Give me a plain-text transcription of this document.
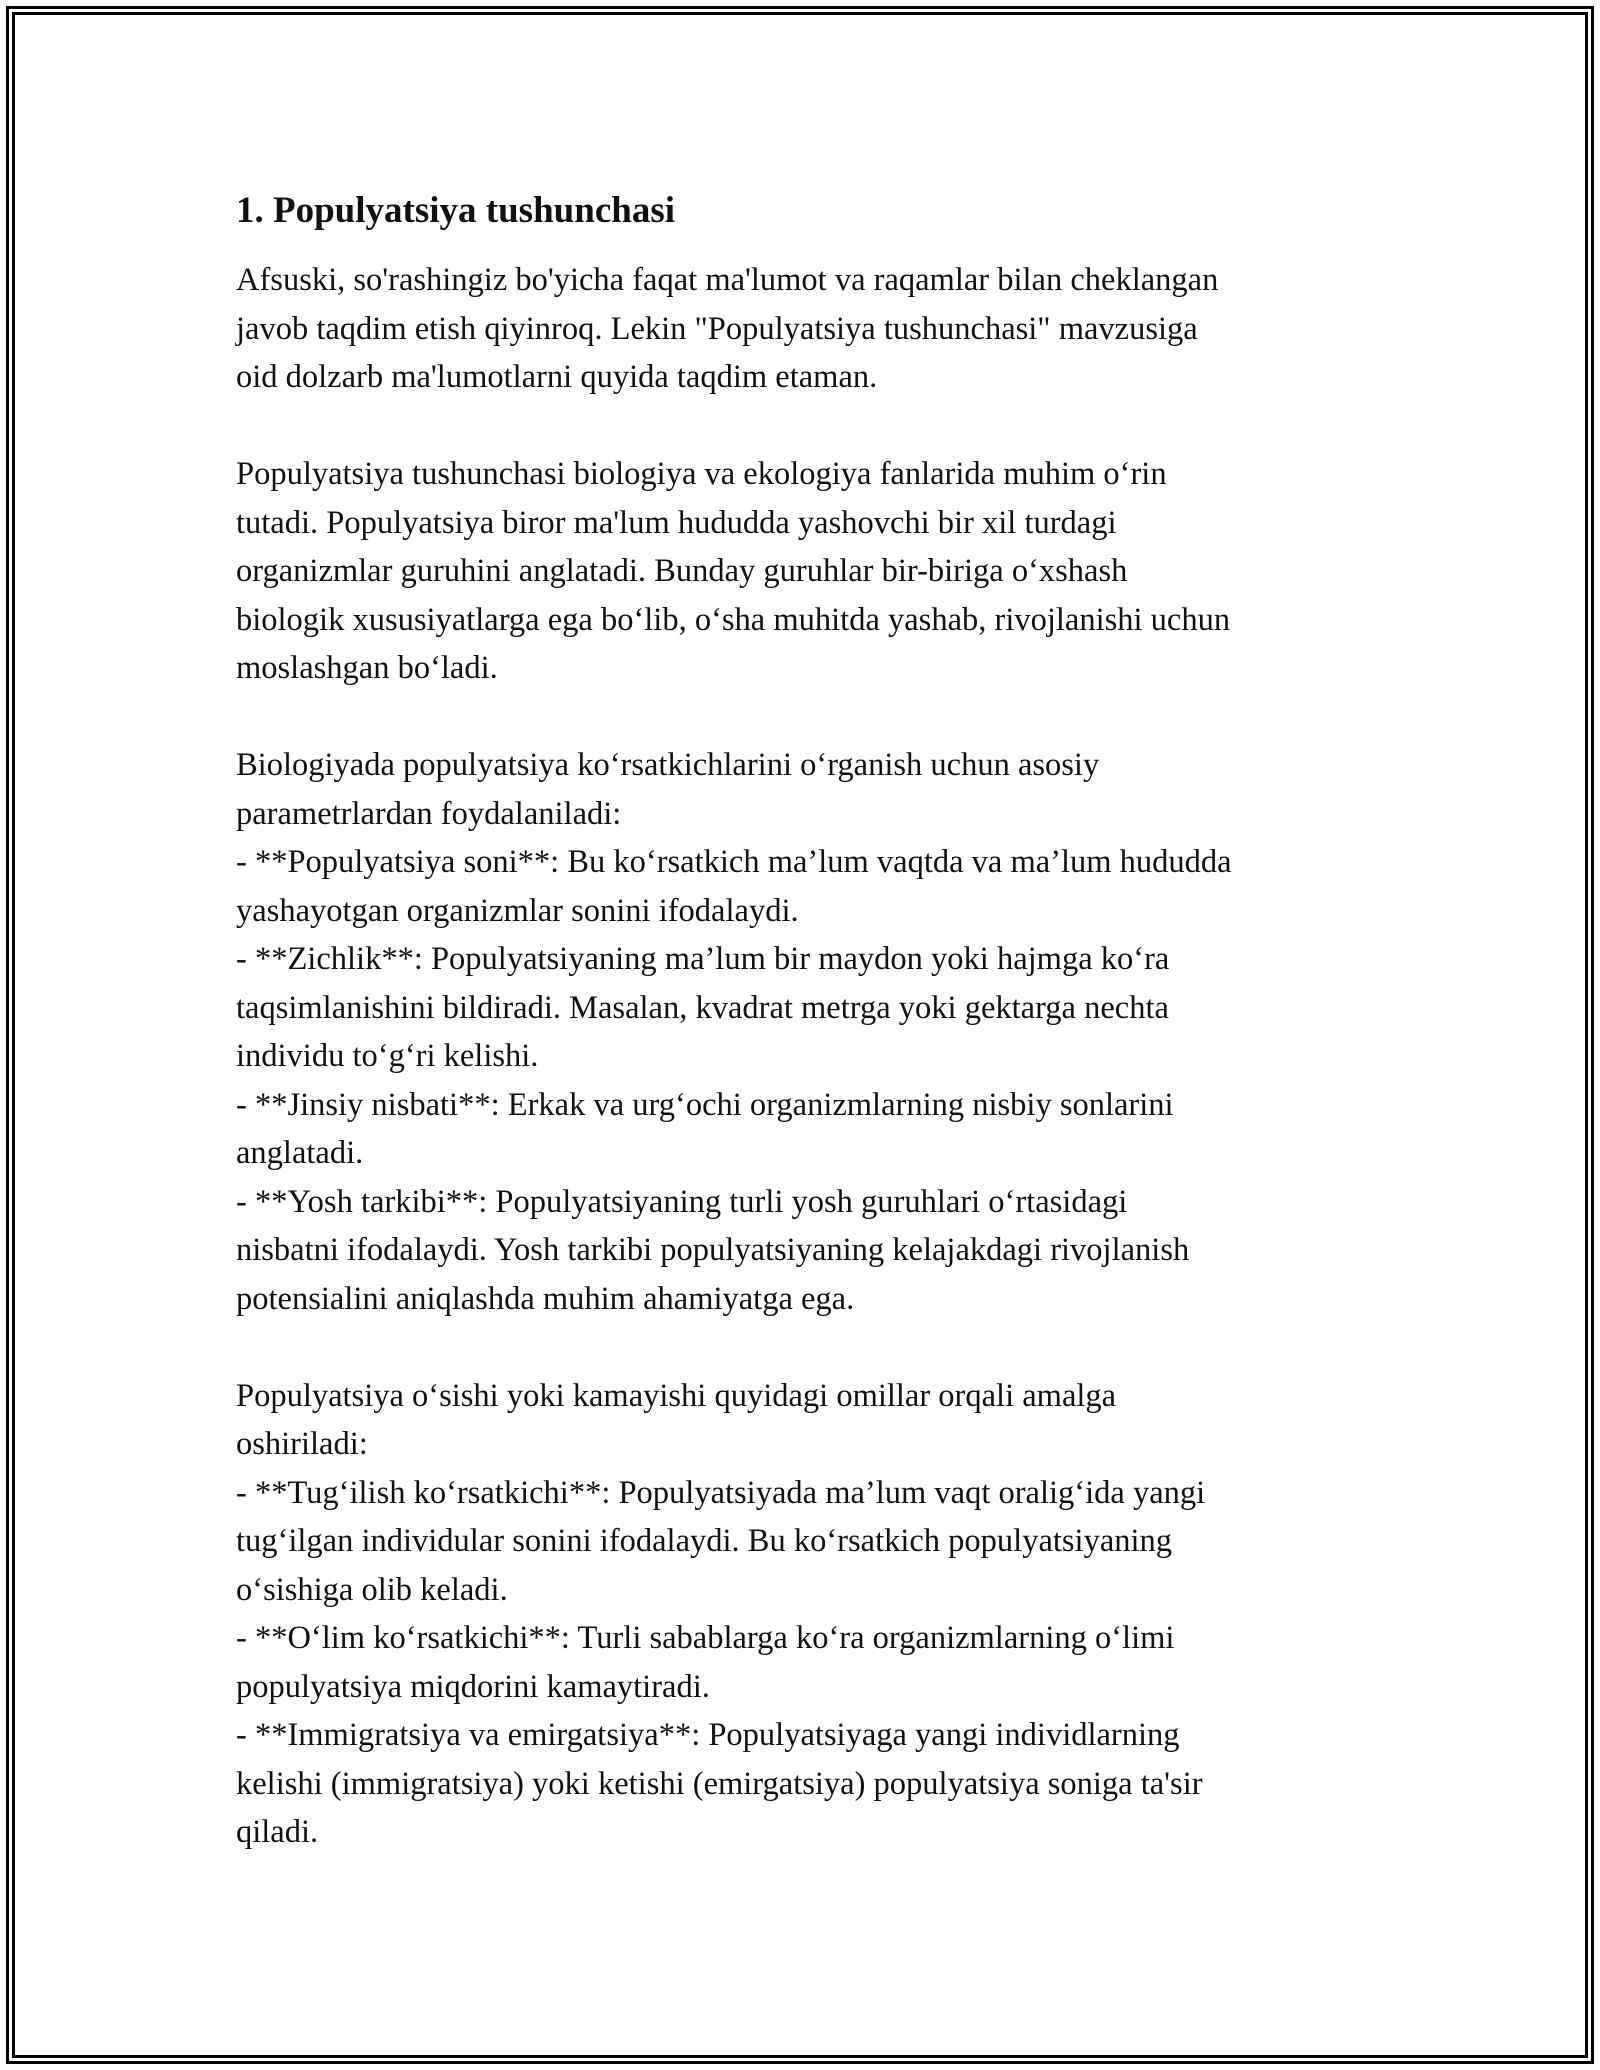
1. Populyatsiya tushunchasi
Afsuski, so'rashingiz bo'yicha faqat ma'lumot va raqamlar bilan cheklangan
javob taqdim etish qiyinroq. Lekin "Populyatsiya tushunchasi" mavzusiga
oid dolzarb ma'lumotlarni quyida taqdim etaman.
Populyatsiya tushunchasi biologiya va ekologiya fanlarida muhim o‘rin
tutadi. Populyatsiya biror ma'lum hududda yashovchi bir xil turdagi
organizmlar guruhini anglatadi. Bunday guruhlar bir-biriga o‘xshash
biologik xususiyatlarga ega bo‘lib, o‘sha muhitda yashab, rivojlanishi uchun
moslashgan bo‘ladi.
Biologiyada populyatsiya ko‘rsatkichlarini o‘rganish uchun asosiy
parametrlardan foydalaniladi:
- **Populyatsiya soni**: Bu ko‘rsatkich ma’lum vaqtda va ma’lum hududda
yashayotgan organizmlar sonini ifodalaydi.
- **Zichlik**: Populyatsiyaning ma’lum bir maydon yoki hajmga ko‘ra
taqsimlanishini bildiradi. Masalan, kvadrat metrga yoki gektarga nechta
individu to‘g‘ri kelishi.
- **Jinsiy nisbati**: Erkak va urg‘ochi organizmlarning nisbiy sonlarini
anglatadi.
- **Yosh tarkibi**: Populyatsiyaning turli yosh guruhlari o‘rtasidagi
nisbatni ifodalaydi. Yosh tarkibi populyatsiyaning kelajakdagi rivojlanish
potensialini aniqlashda muhim ahamiyatga ega.
Populyatsiya o‘sishi yoki kamayishi quyidagi omillar orqali amalga
oshiriladi:
- **Tug‘ilish ko‘rsatkichi**: Populyatsiyada ma’lum vaqt oralig‘ida yangi
tug‘ilgan individular sonini ifodalaydi. Bu ko‘rsatkich populyatsiyaning
o‘sishiga olib keladi.
- **O‘lim ko‘rsatkichi**: Turli sabablarga ko‘ra organizmlarning o‘limi
populyatsiya miqdorini kamaytiradi.
- **Immigratsiya va emirgatsiya**: Populyatsiyaga yangi individlarning
kelishi (immigratsiya) yoki ketishi (emirgatsiya) populyatsiya soniga ta'sir
qiladi.
